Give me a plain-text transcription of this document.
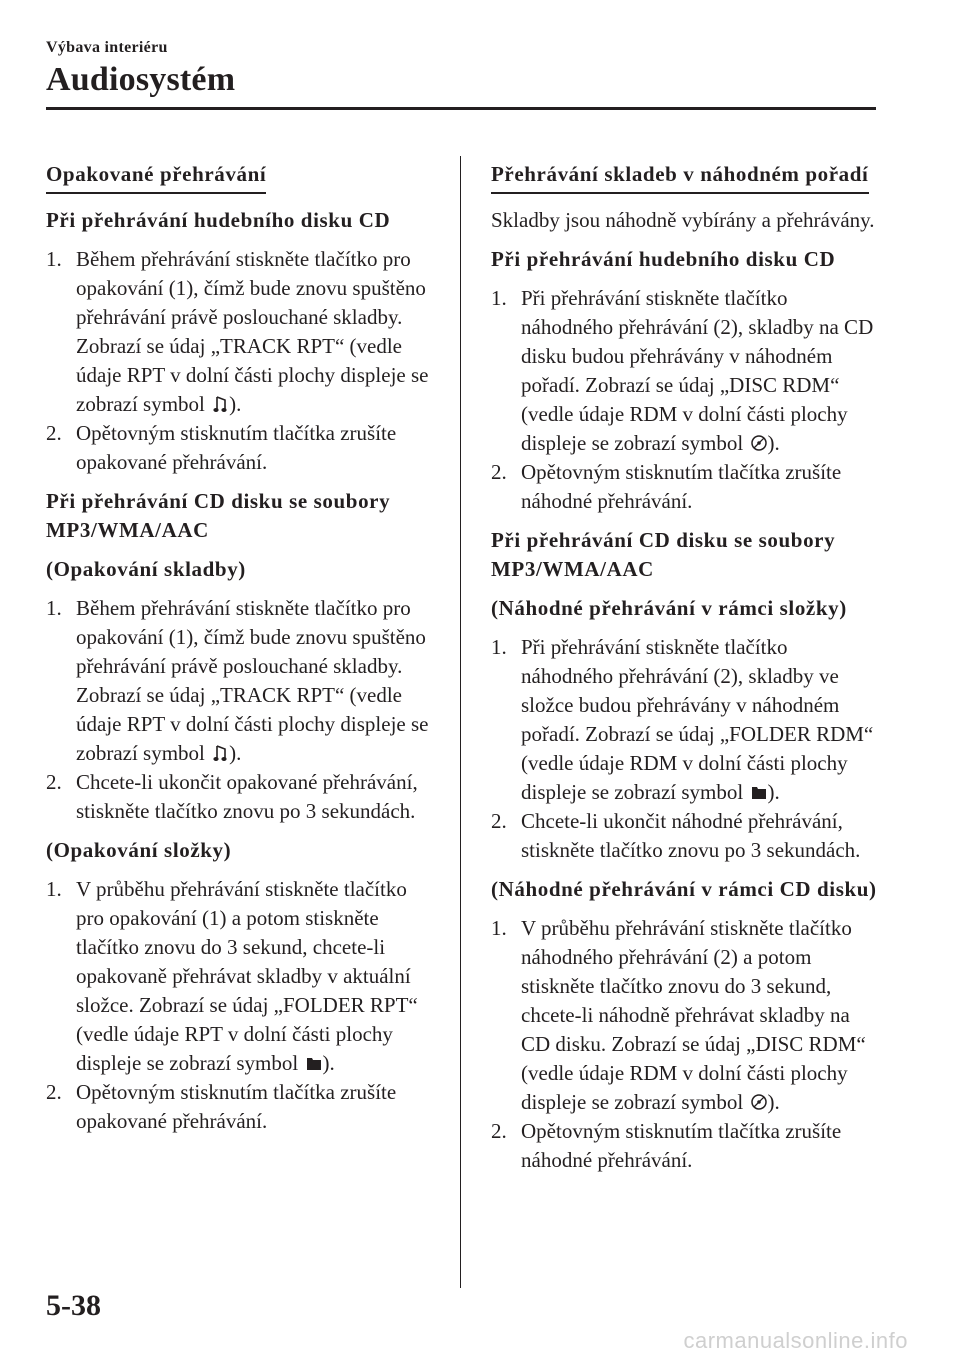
Výbava interiéru
Audiosystém
Opakované přehrávání
Při přehrávání hudebního disku CD
1. Během přehrávání stiskněte tlačítko pro opakování (1), čímž bude znovu spuštěno přehrávání právě poslouchané skladby. Zobrazí se údaj „TRACK RPT“ (vedle údaje RPT v dolní části plochy displeje se zobrazí symbol ).
2. Opětovným stisknutím tlačítka zrušíte opakované přehrávání.
Při přehrávání CD disku se soubory MP3/WMA/AAC
(Opakování skladby)
1. Během přehrávání stiskněte tlačítko pro opakování (1), čímž bude znovu spuštěno přehrávání právě poslouchané skladby. Zobrazí se údaj „TRACK RPT“ (vedle údaje RPT v dolní části plochy displeje se zobrazí symbol ).
2. Chcete-li ukončit opakované přehrávání, stiskněte tlačítko znovu po 3 sekundách.
(Opakování složky)
1. V průběhu přehrávání stiskněte tlačítko pro opakování (1) a potom stiskněte tlačítko znovu do 3 sekund, chcete-li opakovaně přehrávat skladby v aktuální složce. Zobrazí se údaj „FOLDER RPT“ (vedle údaje RPT v dolní části plochy displeje se zobrazí symbol ).
2. Opětovným stisknutím tlačítka zrušíte opakované přehrávání.
Přehrávání skladeb v náhodném pořadí
Skladby jsou náhodně vybírány a přehrávány.
Při přehrávání hudebního disku CD
1. Při přehrávání stiskněte tlačítko náhodného přehrávání (2), skladby na CD disku budou přehrávány v náhodném pořadí. Zobrazí se údaj „DISC RDM“ (vedle údaje RDM v dolní části plochy displeje se zobrazí symbol ).
2. Opětovným stisknutím tlačítka zrušíte náhodné přehrávání.
Při přehrávání CD disku se soubory MP3/WMA/AAC
(Náhodné přehrávání v rámci složky)
1. Při přehrávání stiskněte tlačítko náhodného přehrávání (2), skladby ve složce budou přehrávány v náhodném pořadí. Zobrazí se údaj „FOLDER RDM“ (vedle údaje RDM v dolní části plochy displeje se zobrazí symbol ).
2. Chcete-li ukončit náhodné přehrávání, stiskněte tlačítko znovu po 3 sekundách.
(Náhodné přehrávání v rámci CD disku)
1. V průběhu přehrávání stiskněte tlačítko náhodného přehrávání (2) a potom stiskněte tlačítko znovu do 3 sekund, chcete-li náhodně přehrávat skladby na CD disku. Zobrazí se údaj „DISC RDM“ (vedle údaje RDM v dolní části plochy displeje se zobrazí symbol ).
2. Opětovným stisknutím tlačítka zrušíte náhodné přehrávání.
5-38
carmanualsonline.info
